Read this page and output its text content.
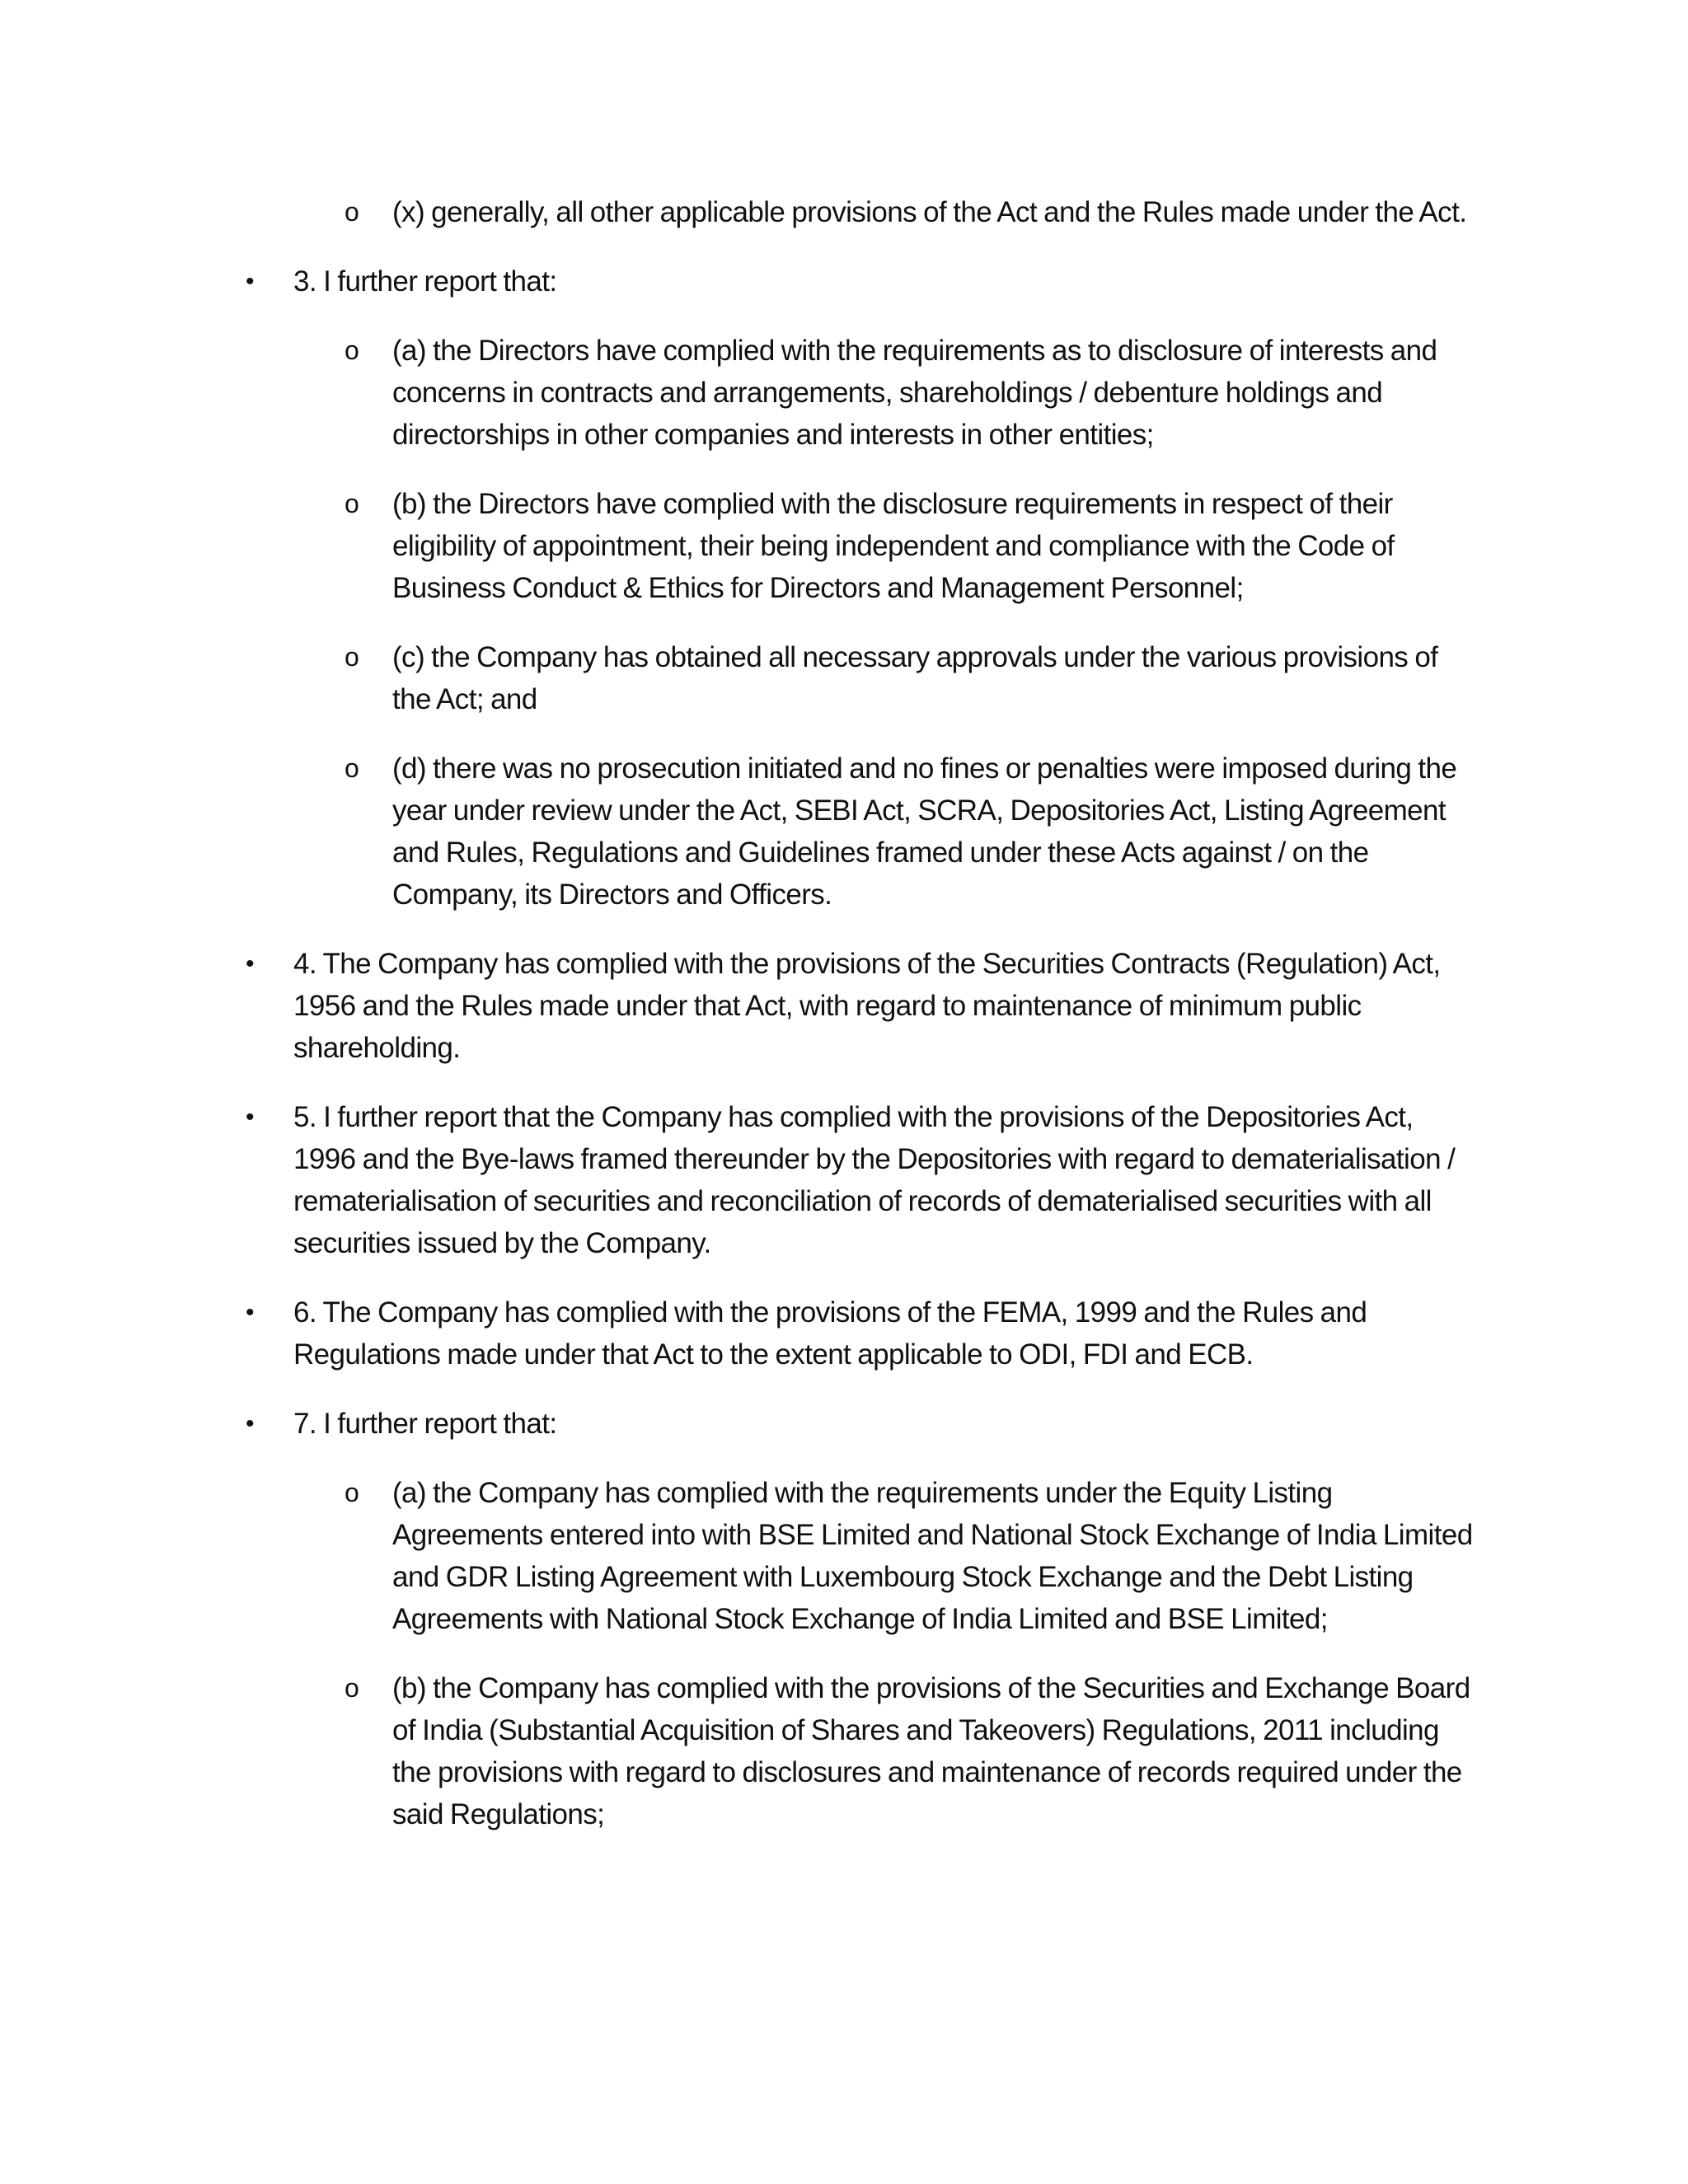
o (x) generally, all other applicable provisions of the Act and the Rules made under the Act.
• 3. I further report that:
o (a) the Directors have complied with the requirements as to disclosure of interests and concerns in contracts and arrangements, shareholdings / debenture holdings and directorships in other companies and interests in other entities;
o (b) the Directors have complied with the disclosure requirements in respect of their eligibility of appointment, their being independent and compliance with the Code of Business Conduct & Ethics for Directors and Management Personnel;
o (c) the Company has obtained all necessary approvals under the various provisions of the Act; and
o (d) there was no prosecution initiated and no fines or penalties were imposed during the year under review under the Act, SEBI Act, SCRA, Depositories Act, Listing Agreement and Rules, Regulations and Guidelines framed under these Acts against / on the Company, its Directors and Officers.
• 4. The Company has complied with the provisions of the Securities Contracts (Regulation) Act, 1956 and the Rules made under that Act, with regard to maintenance of minimum public shareholding.
• 5. I further report that the Company has complied with the provisions of the Depositories Act, 1996 and the Bye-laws framed thereunder by the Depositories with regard to dematerialisation / rematerialisation of securities and reconciliation of records of dematerialised securities with all securities issued by the Company.
• 6. The Company has complied with the provisions of the FEMA, 1999 and the Rules and Regulations made under that Act to the extent applicable to ODI, FDI and ECB.
• 7. I further report that:
o (a) the Company has complied with the requirements under the Equity Listing Agreements entered into with BSE Limited and National Stock Exchange of India Limited and GDR Listing Agreement with Luxembourg Stock Exchange and the Debt Listing Agreements with National Stock Exchange of India Limited and BSE Limited;
o (b) the Company has complied with the provisions of the Securities and Exchange Board of India (Substantial Acquisition of Shares and Takeovers) Regulations, 2011 including the provisions with regard to disclosures and maintenance of records required under the said Regulations;
